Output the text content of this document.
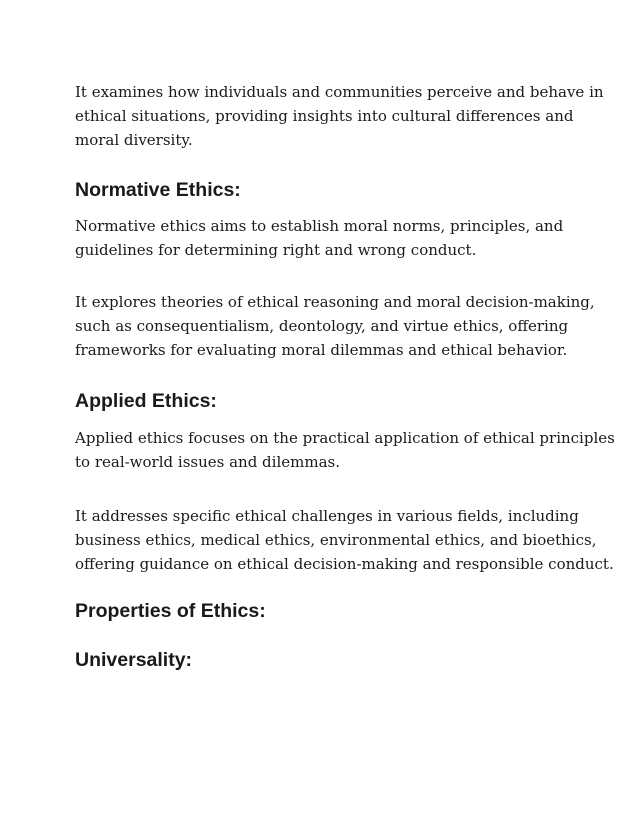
It examines how individuals and communities perceive and behave in
ethical situations, providing insights into cultural differences and
moral diversity.

Normative Ethics:

Normative ethics aims to establish moral norms, principles, and
guidelines for determining right and wrong conduct.

It explores theories of ethical reasoning and moral decision-making,
such as consequentialism, deontology, and virtue ethics, offering
frameworks for evaluating moral dilemmas and ethical behavior.

Applied Ethics:

Applied ethics focuses on the practical application of ethical principles
to real-world issues and dilemmas.

It addresses specific ethical challenges in various fields, including
business ethics, medical ethics, environmental ethics, and bioethics,
offering guidance on ethical decision-making and responsible conduct.

Properties of Ethics:
Universality:
